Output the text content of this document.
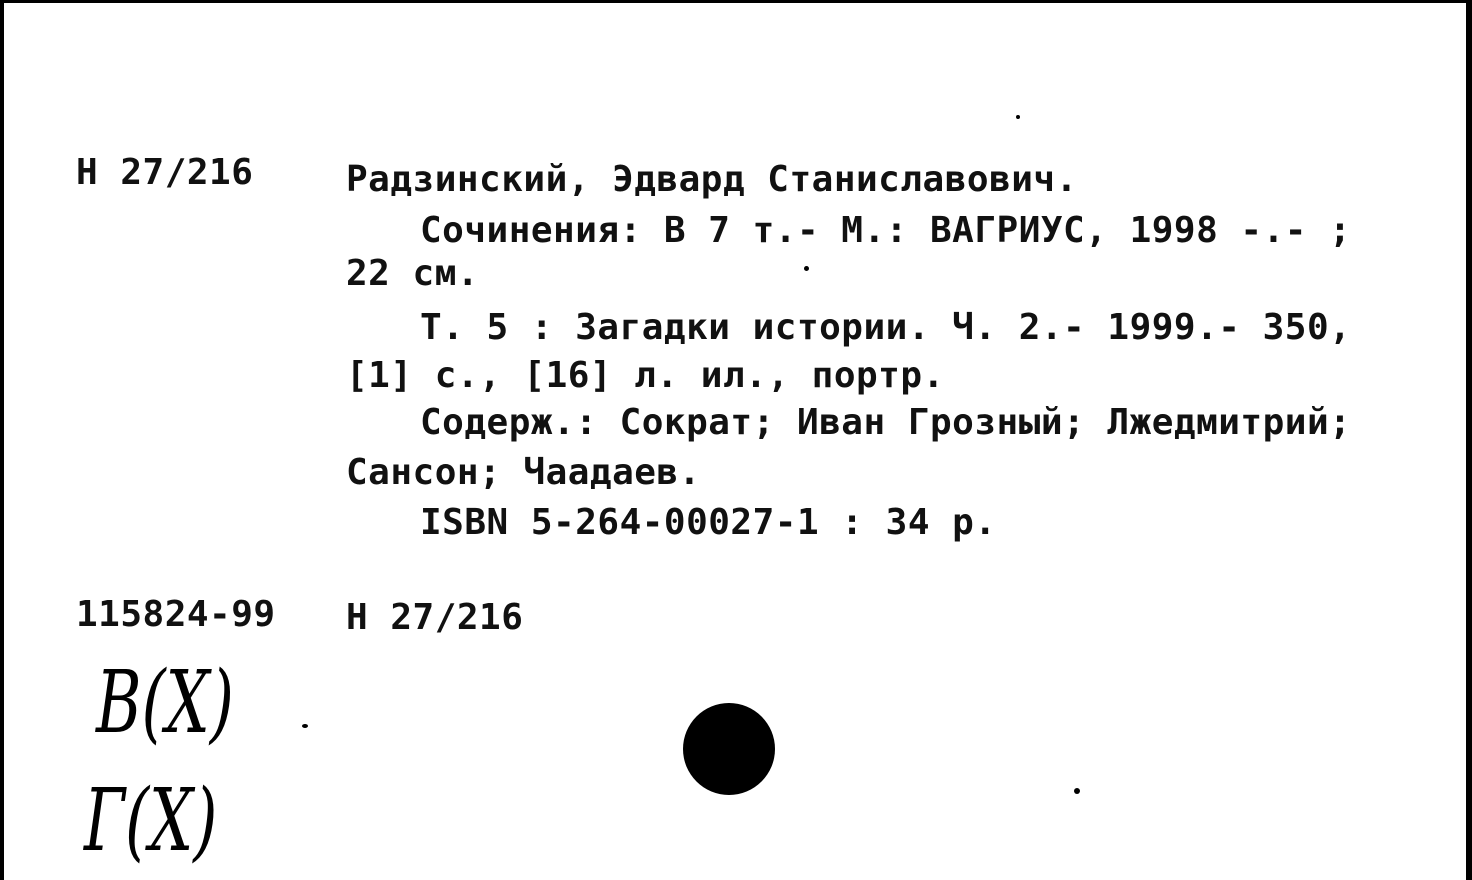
Н 27/216	Радзинский, Эдвард Станиславович.
Сочинения: В 7 т.- М.: ВАГРИУС, 1998 -.- ;
22 см.
Т. 5 : Загадки истории. Ч. 2.- 1999.- 350,
[1] с., [16] л. ил., портр.
Содерж.: Сократ; Иван Грозный; Лжедмитрий;
Сансон; Чаадаев.
ISBN 5-264-00027-1 : 34 р.
115824-99 Н 27/216
В(Х)
Г(Х)
